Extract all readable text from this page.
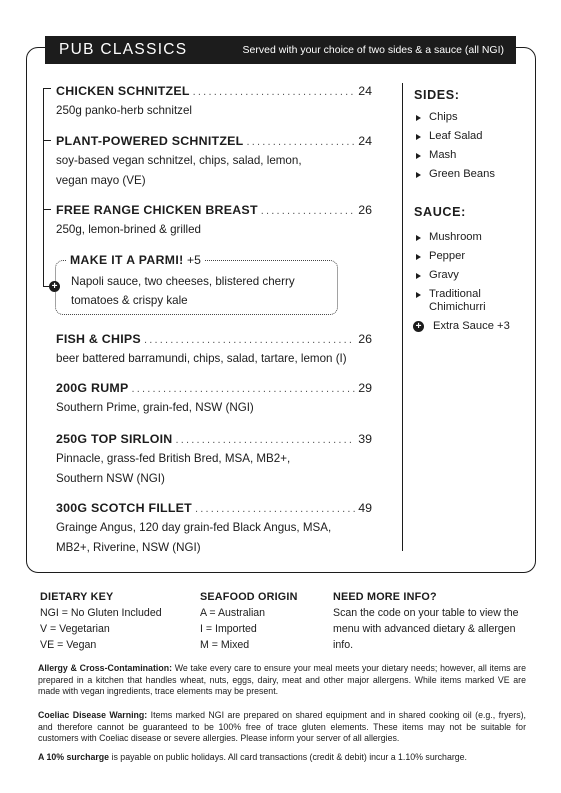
PUB CLASSICS	Served with your choice of two sides & a sauce (all NGI)
CHICKEN SCHNITZEL .....	24
250g panko-herb schnitzel
PLANT-POWERED SCHNITZEL .....	24
soy-based vegan schnitzel, chips, salad, lemon, vegan mayo (VE)
FREE RANGE CHICKEN BREAST .....	26
250g, lemon-brined & grilled
+
MAKE IT A PARMI! +5
Napoli sauce, two cheeses, blistered cherry tomatoes & crispy kale
FISH & CHIPS .....	26
beer battered barramundi, chips, salad, tartare, lemon (I)
200G RUMP .....	29
Southern Prime, grain-fed, NSW (NGI)
250G TOP SIRLOIN .....	39
Pinnacle, grass-fed British Bred, MSA, MB2+, Southern NSW (NGI)
300G SCOTCH FILLET .....	49
Grainge Angus, 120 day grain-fed Black Angus, MSA, MB2+, Riverine, NSW (NGI)
SIDES:
Chips
Leaf Salad
Mash
Green Beans
SAUCE:
Mushroom
Pepper
Gravy
Traditional Chimichurri
+ Extra Sauce +3
DIETARY KEY
NGI = No Gluten Included
V = Vegetarian
VE = Vegan
SEAFOOD ORIGIN
A = Australian
I = Imported
M = Mixed
NEED MORE INFO?
Scan the code on your table to view the menu with advanced dietary & allergen info.
Allergy & Cross-Contamination: We take every care to ensure your meal meets your dietary needs; however, all items are prepared in a kitchen that handles wheat, nuts, eggs, dairy, meat and other major allergens. While items marked VE are made with vegan ingredients, trace elements may be present.
Coeliac Disease Warning: Items marked NGI are prepared on shared equipment and in shared cooking oil (e.g., fryers), and therefore cannot be guaranteed to be 100% free of trace gluten elements. These items may not be suitable for customers with Coeliac disease or severe allergies. Please inform your server of all allergies.
A 10% surcharge is payable on public holidays. All card transactions (credit & debit) incur a 1.10% surcharge.
